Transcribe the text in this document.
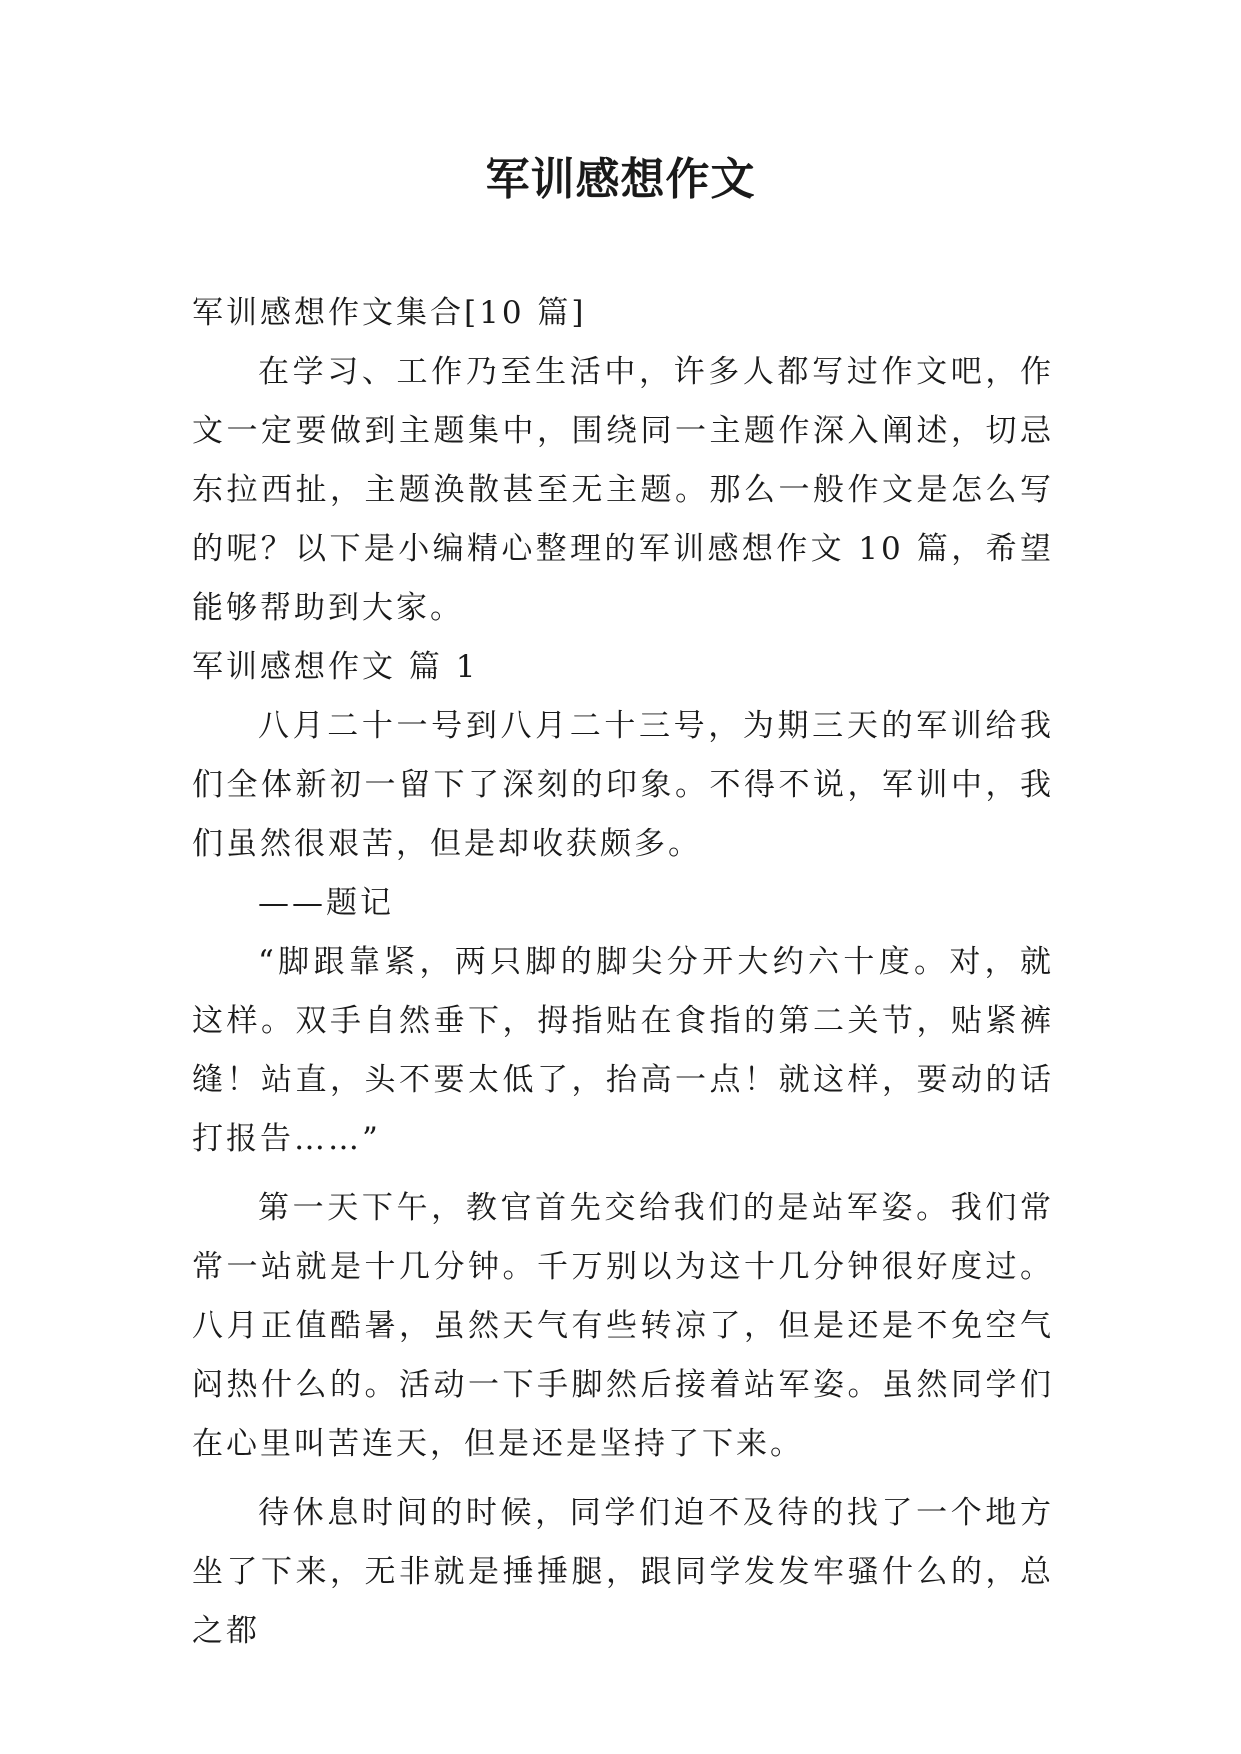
军训感想作文

军训感想作文集合[10 篇]

在学习、工作乃至生活中，许多人都写过作文吧，作文一定要做到主题集中，围绕同一主题作深入阐述，切忌东拉西扯，主题涣散甚至无主题。那么一般作文是怎么写的呢？以下是小编精心整理的军训感想作文 10 篇，希望能够帮助到大家。

军训感想作文 篇 1

八月二十一号到八月二十三号，为期三天的军训给我们全体新初一留下了深刻的印象。不得不说，军训中，我们虽然很艰苦，但是却收获颇多。

——题记

“脚跟靠紧，两只脚的脚尖分开大约六十度。对，就这样。双手自然垂下，拇指贴在食指的第二关节，贴紧裤缝！站直，头不要太低了，抬高一点！就这样，要动的话打报告……”

第一天下午，教官首先交给我们的是站军姿。我们常常一站就是十几分钟。千万别以为这十几分钟很好度过。八月正值酷暑，虽然天气有些转凉了，但是还是不免空气闷热什么的。活动一下手脚然后接着站军姿。虽然同学们在心里叫苦连天，但是还是坚持了下来。

待休息时间的时候，同学们迫不及待的找了一个地方坐了下来，无非就是捶捶腿，跟同学发发牢骚什么的，总之都
